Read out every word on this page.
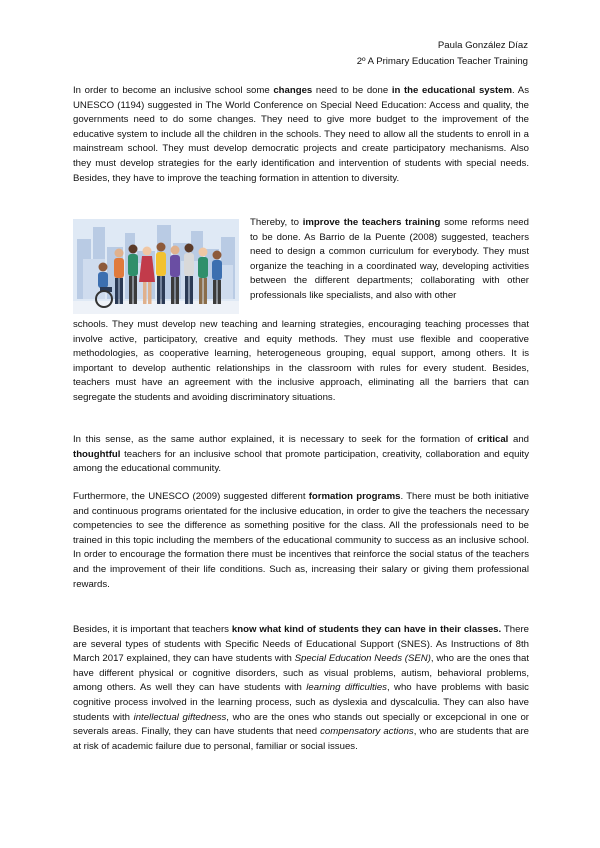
Paula González Díaz
2º A Primary Education Teacher Training

In order to become an inclusive school some changes need to be done in the educational system. As UNESCO (1194) suggested in The World Conference on Special Need Education: Access and quality, the governments need to do some changes. They need to give more budget to the improvement of the educative system to include all the children in the schools. They need to allow all the students to enroll in a mainstream school. They must develop democratic projects and create participatory mechanisms. Also they must develop strategies for the early identification and intervention of students with special needs. Besides, they have to improve the teaching formation in attention to diversity.

Thereby, to improve the teachers training some reforms need to be done. As Barrio de la Puente (2008) suggested, teachers need to design a common curriculum for everybody. They must organize the teaching in a coordinated way, developing activities between the different departments; collaborating with other professionals like specialists, and also with other

schools. They must develop new teaching and learning strategies, encouraging teaching processes that involve active, participatory, creative and equity methods. They must use flexible and cooperative methodologies, as cooperative learning, heterogeneous grouping, equal support, among others. It is important to develop authentic relationships in the classroom with rules for every student. Besides, teachers must have an agreement with the inclusive approach, eliminating all the barriers that can segregate the students and avoiding discriminatory situations.

In this sense, as the same author explained, it is necessary to seek for the formation of critical and thoughtful teachers for an inclusive school that promote participation, creativity, collaboration and equity among the educational community.

Furthermore, the UNESCO (2009) suggested different formation programs. There must be both initiative and continuous programs orientated for the inclusive education, in order to give the teachers the necessary competencies to see the difference as something positive for the class. All the professionals need to be trained in this topic including the members of the educational community to success as an inclusive school. In order to encourage the formation there must be incentives that reinforce the social status of the teachers and the improvement of their life conditions. Such as, increasing their salary or giving them professional rewards.

Besides, it is important that teachers know what kind of students they can have in their classes. There are several types of students with Specific Needs of Educational Support (SNES). As Instructions of 8th March 2017 explained, they can have students with Special Education Needs (SEN), who are the ones that have different physical or cognitive disorders, such as visual problems, autism, behavioral problems, among others. As well they can have students with learning difficulties, who have problems with basic cognitive process involved in the learning process, such as dyslexia and dyscalculia. They can also have students with intellectual giftedness, who are the ones who stands out specially or excepcional in one or severals areas. Finally, they can have students that need compensatory actions, who are students that are at risk of academic failure due to personal, familiar or social issues.
